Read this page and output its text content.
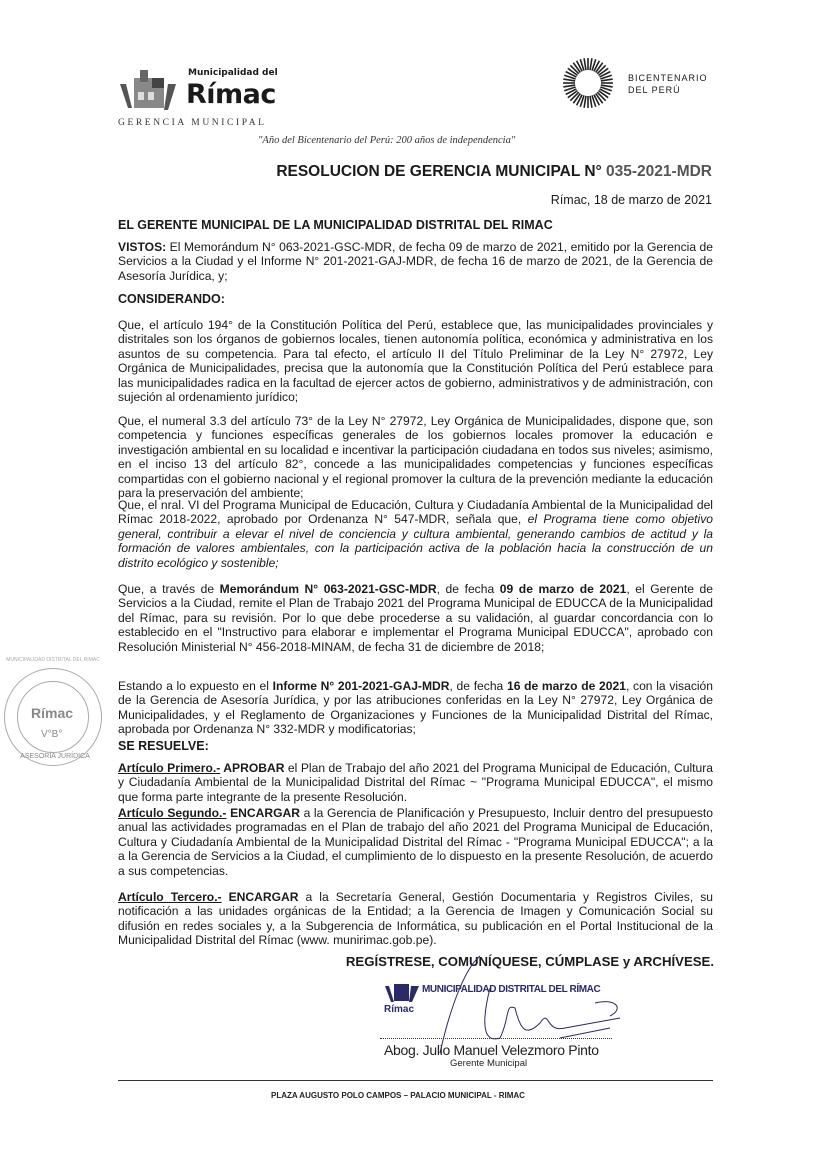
Municipalidad del
Rímac
GERENCIA MUNICIPAL
BICENTENARIO
DEL PERÚ
"Año del Bicentenario del Perú: 200 años de independencia"
RESOLUCION DE GERENCIA MUNICIPAL N° 035-2021-MDR
Rímac, 18 de marzo de 2021
EL GERENTE MUNICIPAL DE LA MUNICIPALIDAD DISTRITAL DEL RIMAC
VISTOS: El Memorándum N° 063-2021-GSC-MDR, de fecha 09 de marzo de 2021, emitido por la Gerencia de Servicios a la Ciudad y el Informe N° 201-2021-GAJ-MDR, de fecha 16 de marzo de 2021, de la Gerencia de Asesoría Jurídica, y;
CONSIDERANDO:
Que, el artículo 194° de la Constitución Política del Perú, establece que, las municipalidades provinciales y distritales son los órganos de gobiernos locales, tienen autonomía política, económica y administrativa en los asuntos de su competencia. Para tal efecto, el artículo II del Título Preliminar de la Ley N° 27972, Ley Orgánica de Municipalidades, precisa que la autonomía que la Constitución Política del Perú establece para las municipalidades radica en la facultad de ejercer actos de gobierno, administrativos y de administración, con sujeción al ordenamiento jurídico;
Que, el numeral 3.3 del artículo 73° de la Ley N° 27972, Ley Orgánica de Municipalidades, dispone que, son competencia y funciones específicas generales de los gobiernos locales promover la educación e investigación ambiental en su localidad e incentivar la participación ciudadana en todos sus niveles; asimismo, en el inciso 13 del artículo 82°, concede a las municipalidades competencias y funciones específicas compartidas con el gobierno nacional y el regional promover la cultura de la prevención mediante la educación para la preservación del ambiente;
Que, el nral. VI del Programa Municipal de Educación, Cultura y Ciudadanía Ambiental de la Municipalidad del Rímac 2018-2022, aprobado por Ordenanza N° 547-MDR, señala que, el Programa tiene como objetivo general, contribuir a elevar el nivel de conciencia y cultura ambiental, generando cambios de actitud y la formación de valores ambientales, con la participación activa de la población hacia la construcción de un distrito ecológico y sostenible;
Que, a través de Memorándum N° 063-2021-GSC-MDR, de fecha 09 de marzo de 2021, el Gerente de Servicios a la Ciudad, remite el Plan de Trabajo 2021 del Programa Municipal de EDUCCA de la Municipalidad del Rímac, para su revisión. Por lo que debe procederse a su validación, al guardar concordancia con lo establecido en el "Instructivo para elaborar e implementar el Programa Municipal EDUCCA", aprobado con Resolución Ministerial N° 456-2018-MINAM, de fecha 31 de diciembre de 2018;
Estando a lo expuesto en el Informe N° 201-2021-GAJ-MDR, de fecha 16 de marzo de 2021, con la visación de la Gerencia de Asesoría Jurídica, y por las atribuciones conferidas en la Ley N° 27972, Ley Orgánica de Municipalidades, y el Reglamento de Organizaciones y Funciones de la Municipalidad Distrital del Rímac, aprobada por Ordenanza N° 332-MDR y modificatorias;
SE RESUELVE:
Artículo Primero.- APROBAR el Plan de Trabajo del año 2021 del Programa Municipal de Educación, Cultura y Ciudadanía Ambiental de la Municipalidad Distrital del Rímac ~ "Programa Municipal EDUCCA", el mismo que forma parte integrante de la presente Resolución.
Artículo Segundo.- ENCARGAR a la Gerencia de Planificación y Presupuesto, Incluir dentro del presupuesto anual las actividades programadas en el Plan de trabajo del año 2021 del Programa Municipal de Educación, Cultura y Ciudadanía Ambiental de la Municipalidad Distrital del Rímac - "Programa Municipal EDUCCA"; a la a la Gerencia de Servicios a la Ciudad, el cumplimiento de lo dispuesto en la presente Resolución, de acuerdo a sus competencias.
Artículo Tercero.- ENCARGAR a la Secretaría General, Gestión Documentaria y Registros Civiles, su notificación a las unidades orgánicas de la Entidad; a la Gerencia de Imagen y Comunicación Social su difusión en redes sociales y, a la Subgerencia de Informática, su publicación en el Portal Institucional de la Municipalidad Distrital del Rímac (www. munirimac.gob.pe).
REGÍSTRESE, COMUNÍQUESE, CÚMPLASE y ARCHÍVESE.
MUNICIPALIDAD DISTRITAL DEL RÍMAC
Rímac
Abog. Julio Manuel Velezmoro Pinto
Gerente Municipal
MUNICIPALIDAD DISTRITAL DEL RIMAC
Rímac
V°B°
ASESORÍA JURÍDICA
PLAZA AUGUSTO POLO CAMPOS – PALACIO MUNICIPAL - RIMAC
